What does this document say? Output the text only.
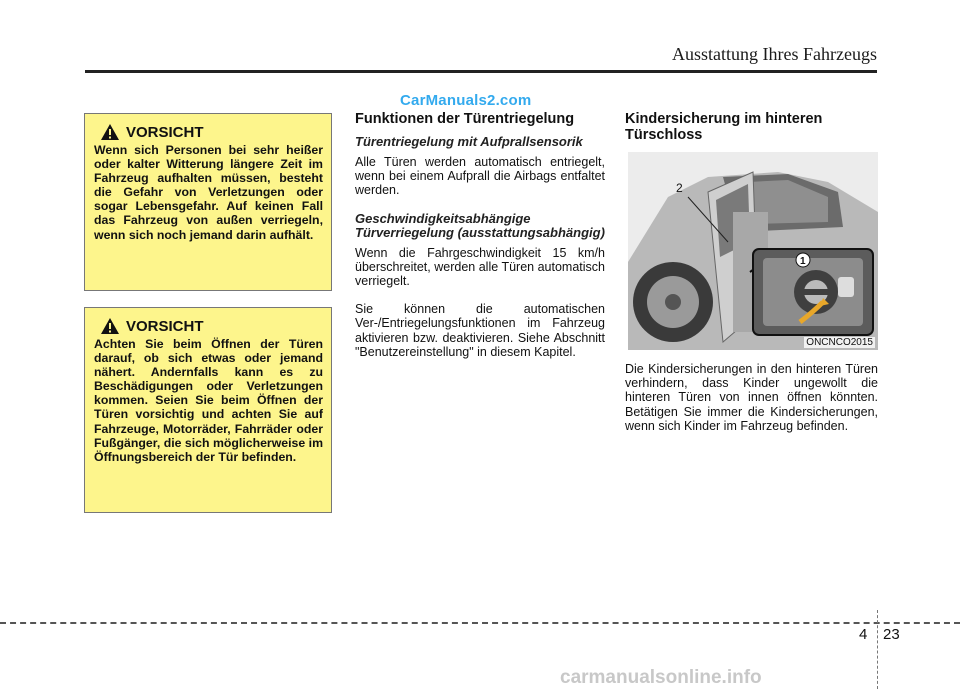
Ausstattung Ihres Fahrzeugs
CarManuals2.com
VORSICHT
Wenn sich Personen bei sehr heißer oder kalter Witterung längere Zeit im Fahrzeug aufhalten müssen, besteht die Gefahr von Verletzungen oder sogar Lebensgefahr. Auf keinen Fall das Fahrzeug von außen verriegeln, wenn sich noch jemand darin aufhält.
VORSICHT
Achten Sie beim Öffnen der Türen darauf, ob sich etwas oder jemand nähert. Andernfalls kann es zu Beschädigungen oder Verletzungen kommen. Seien Sie beim Öffnen der Türen vorsichtig und achten Sie auf Fahrzeuge, Motorräder, Fahrräder oder Fußgänger, die sich möglicherweise im Öffnungsbereich der Tür befinden.
Funktionen der Türentriegelung
Türentriegelung mit Aufprallsensorik
Alle Türen werden automatisch entriegelt, wenn bei einem Aufprall die Airbags entfaltet werden.
Geschwindigkeitsabhängige Türverriegelung (ausstattungsabhängig)
Wenn die Fahrgeschwindigkeit 15 km/h überschreitet, werden alle Türen automatisch verriegelt.
Sie können die automatischen Ver-/Entriegelungsfunktionen im Fahrzeug aktivieren bzw. deaktivieren. Siehe Abschnitt "Benutzereinstellung" in diesem Kapitel.
Kindersicherung im hinteren Türschloss
2
1
ONCNCO2015
Die Kindersicherungen in den hinteren Türen verhindern, dass Kinder ungewollt die hinteren Türen von innen öffnen könnten. Betätigen Sie immer die Kindersicherungen, wenn sich Kinder im Fahrzeug befinden.
4 23
carmanualsonline.info
